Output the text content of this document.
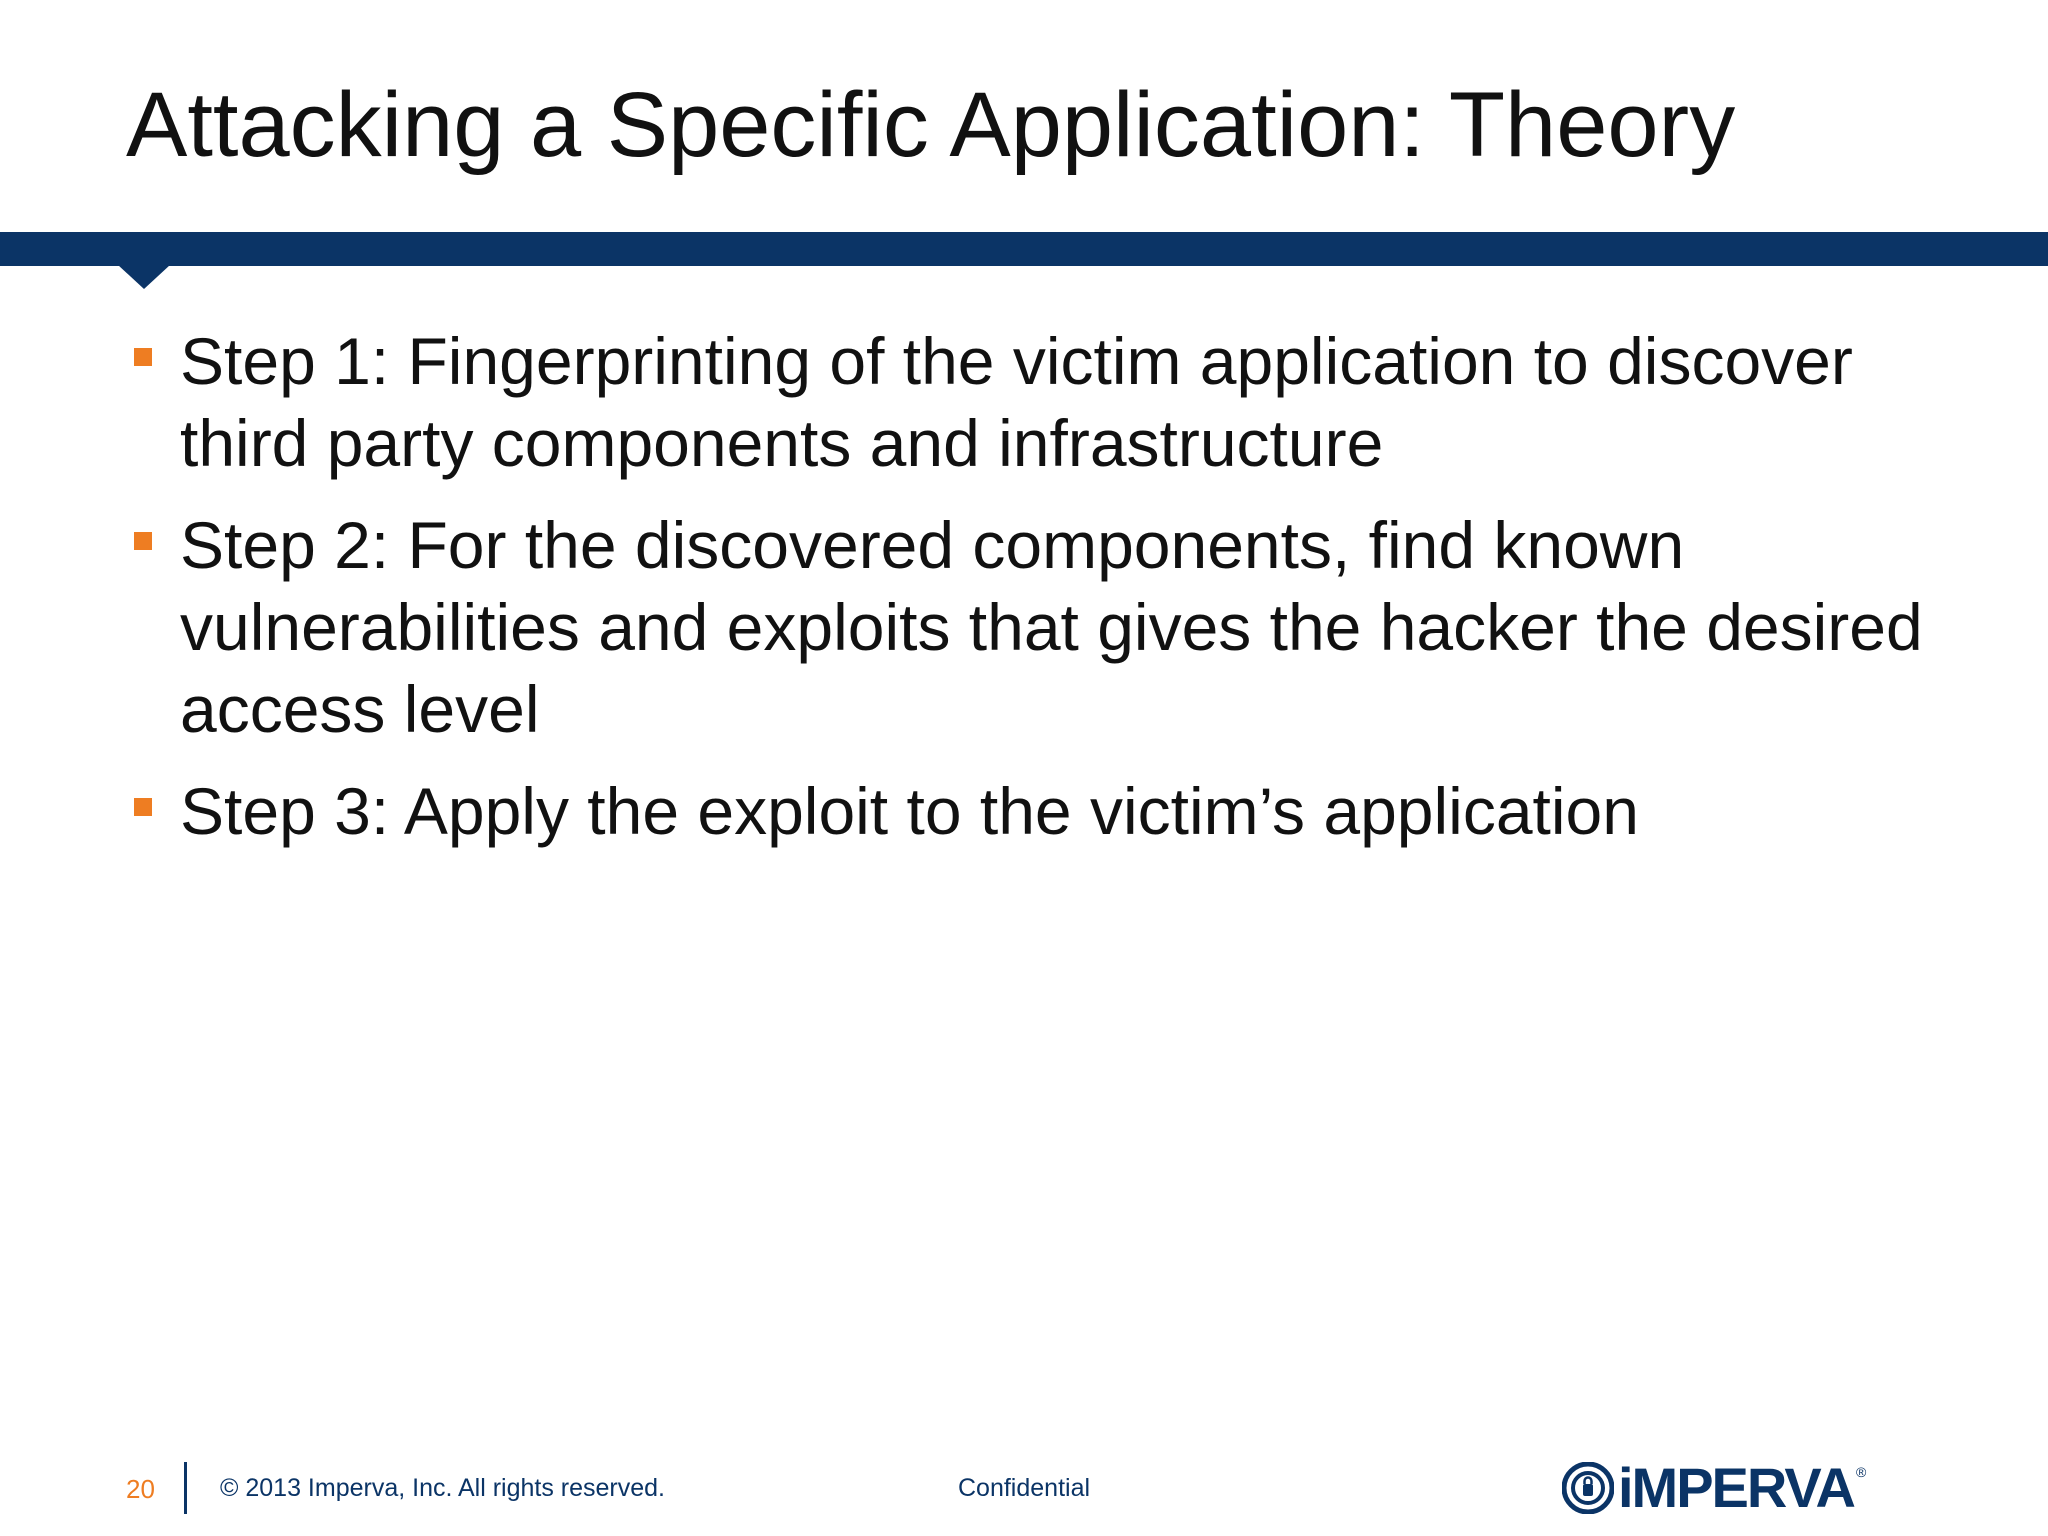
Attacking a Specific Application: Theory
Step 1: Fingerprinting of the victim application to discover third party components and infrastructure
Step 2: For the discovered components, find known vulnerabilities and exploits that gives the hacker the desired access level
Step 3: Apply the exploit to the victim’s application
20	© 2013 Imperva, Inc. All rights reserved.	Confidential	iMPERVA ®
